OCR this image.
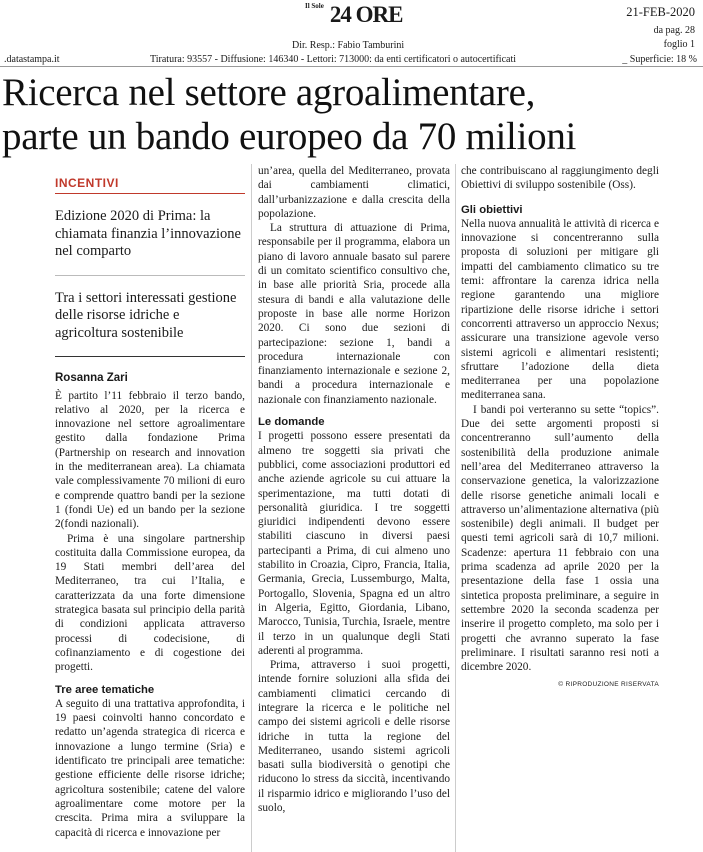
$^{Il Sole}$ 24 ORE	21-FEB-2020
da pag. 28
foglio 1
Dir. Resp.: Fabio Tamburini
.datastampa.it	Tiratura: 93557 - Diffusione: 146340 - Lettori: 713000: da enti certificatori o autocertificati	_ Superficie: 18 %
Ricerca nel settore agroalimentare,
parte un bando europeo da 70 milioni
INCENTIVI
Edizione 2020 di Prima: la chiamata finanzia l’innovazione nel comparto
Tra i settori interessati gestione delle risorse idriche e agricoltura sostenibile
Rosanna Zari

È partito l’11 febbraio il terzo bando, relativo al 2020, per la ricerca e innovazione nel settore agroalimentare gestito dalla fondazione Prima (Partnership on research and innovation in the mediterranean area). La chiamata vale complessivamente 70 milioni di euro e comprende quattro bandi per la sezione 1 (fondi Ue) ed un bando per la sezione 2(fondi nazionali).

Prima è una singolare partnership costituita dalla Commissione europea, da 19 Stati membri dell’area del Mediterraneo, tra cui l’Italia, e caratterizzata da una forte dimensione strategica basata sul principio della parità di condizioni applicata attraverso processi di codecisione, di cofinanziamento e di cogestione dei progetti.

Tre aree tematiche

A seguito di una trattativa approfondita, i 19 paesi coinvolti hanno concordato e redatto un’agenda strategica di ricerca e innovazione a lungo termine (Sria) e identificato tre principali aree tematiche: gestione efficiente delle risorse idriche; agricoltura sostenibile; catene del valore agroalimentare come motore per la crescita. Prima mira a sviluppare la capacità di ricerca e innovazione per

un’area, quella del Mediterraneo, provata dai cambiamenti climatici, dall’urbanizzazione e dalla crescita della popolazione.

La struttura di attuazione di Prima, responsabile per il programma, elabora un piano di lavoro annuale basato sul parere di un comitato scientifico consultivo che, in base alle priorità Sria, procede alla stesura di bandi e alla valutazione delle proposte in base alle norme Horizon 2020. Ci sono due sezioni di partecipazione: sezione 1, bandi a procedura internazionale con finanziamento internazionale e sezione 2, bandi a procedura internazionale e nazionale con finanziamento nazionale.

Le domande

I progetti possono essere presentati da almeno tre soggetti sia privati che pubblici, come associazioni produttori ed anche aziende agricole su cui attuare la sperimentazione, ma tutti dotati di personalità giuridica. I tre soggetti giuridici indipendenti devono essere stabiliti ciascuno in diversi paesi partecipanti a Prima, di cui almeno uno stabilito in Croazia, Cipro, Francia, Italia, Germania, Grecia, Lussemburgo, Malta, Portogallo, Slovenia, Spagna ed un altro in Algeria, Egitto, Giordania, Libano, Marocco, Tunisia, Turchia, Israele, mentre il terzo in un qualunque degli Stati aderenti al programma.

Prima, attraverso i suoi progetti, intende fornire soluzioni alla sfida dei cambiamenti climatici cercando di integrare la ricerca e le politiche nel campo dei sistemi agricoli e delle risorse idriche in tutta la regione del Mediterraneo, usando sistemi agricoli basati sulla biodiversità o genotipi che riducono lo stress da siccità, incentivando il risparmio idrico e migliorando l’uso del suolo,

che contribuiscano al raggiungimento degli Obiettivi di sviluppo sostenibile (Oss).

Gli obiettivi

Nella nuova annualità le attività di ricerca e innovazione si concentreranno sulla proposta di soluzioni per mitigare gli impatti del cambiamento climatico su tre temi: affrontare la carenza idrica nella regione garantendo una migliore ripartizione delle risorse idriche i settori concorrenti attraverso un approccio Nexus; assicurare una transizione agevole verso sistemi agricoli e alimentari resistenti; sfruttare l’adozione della dieta mediterranea per una popolazione mediterranea sana.

I bandi poi verteranno su sette “topics”. Due dei sette argomenti proposti si concentreranno sull’aumento della sostenibilità della produzione animale nell’area del Mediterraneo attraverso la conservazione genetica, la valorizzazione delle risorse genetiche animali locali e attraverso un’alimentazione alternativa (più sostenibile) degli animali. Il budget per questi temi agricoli sarà di 10,7 milioni. Scadenze: apertura 11 febbraio con una prima scadenza ad aprile 2020 per la presentazione della fase 1 ossia una sintetica proposta preliminare, a seguire in settembre 2020 la seconda scadenza per inserire il progetto completo, ma solo per i progetti che avranno superato la fase preliminare. I risultati saranno resi noti a dicembre 2020.

© RIPRODUZIONE RISERVATA
